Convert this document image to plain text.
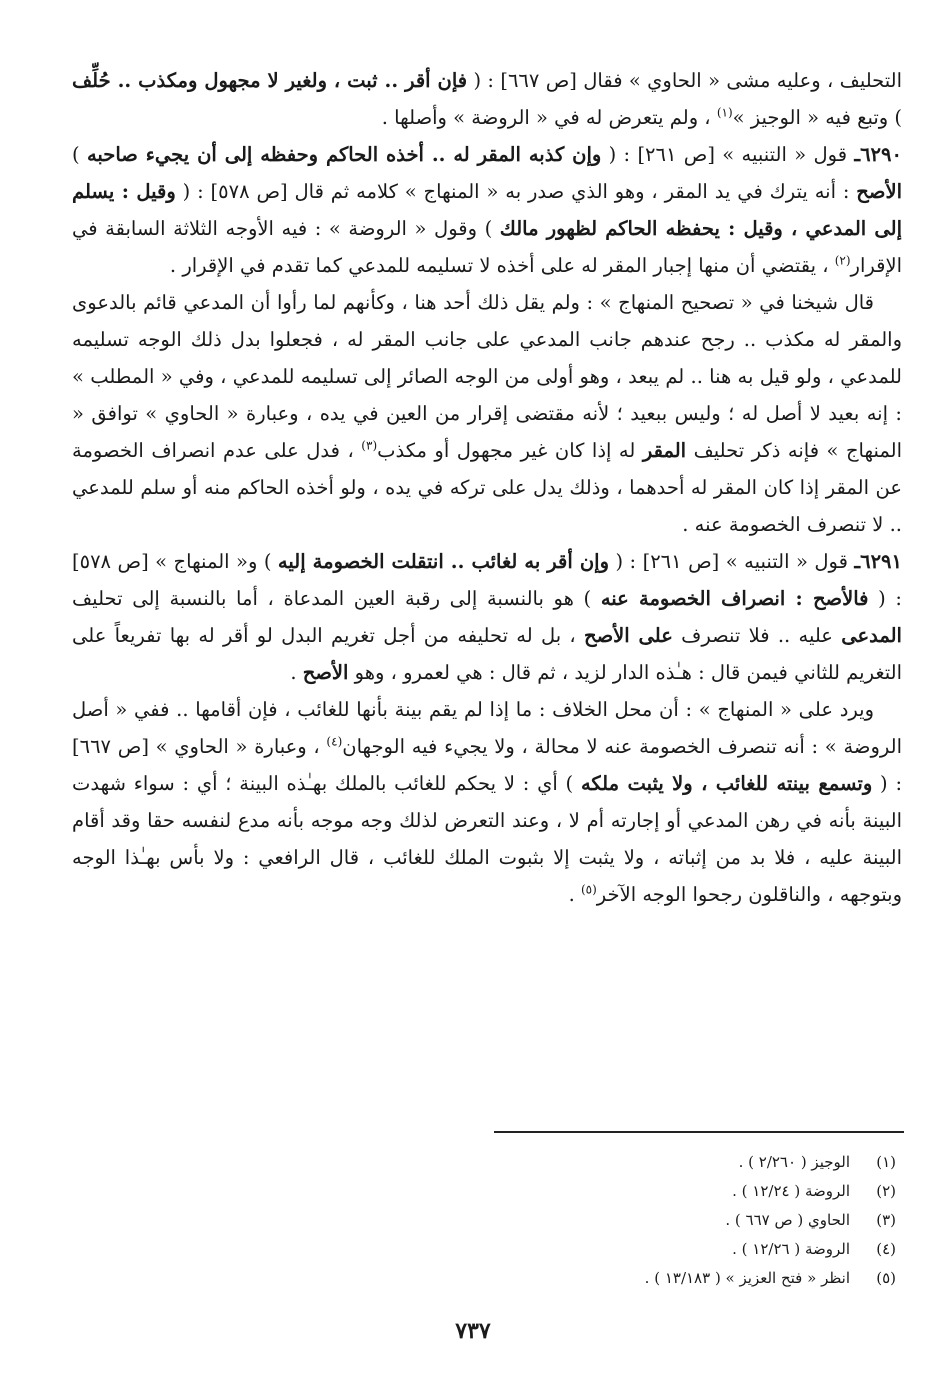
التحليف ، وعليه مشى « الحاوي » فقال [ص ٦٦٧] : ( فإن أقر .. ثبت ، ولغير لا مجهول ومكذب .. حُلِّف ) وتبع فيه « الوجيز »$^{(١)}$ ، ولم يتعرض له في « الروضة » وأصلها .

٦٢٩٠ـ قول « التنبيه » [ص ٢٦١] : ( وإن كذبه المقر له .. أخذه الحاكم وحفظه إلى أن يجيء صاحبه ) الأصح : أنه يترك في يد المقر ، وهو الذي صدر به « المنهاج » كلامه ثم قال [ص ٥٧٨] : ( وقيل : يسلم إلى المدعي ، وقيل : يحفظه الحاكم لظهور مالك ) وقول « الروضة » : فيه الأوجه الثلاثة السابقة في الإقرار$^{(٢)}$ ، يقتضي أن منها إجبار المقر له على أخذه لا تسليمه للمدعي كما تقدم في الإقرار .

قال شيخنا في « تصحيح المنهاج » : ولم يقل ذلك أحد هنا ، وكأنهم لما رأوا أن المدعي قائم بالدعوى والمقر له مكذب .. رجح عندهم جانب المدعي على جانب المقر له ، فجعلوا بدل ذلك الوجه تسليمه للمدعي ، ولو قيل به هنا .. لم يبعد ، وهو أولى من الوجه الصائر إلى تسليمه للمدعي ، وفي « المطلب » : إنه بعيد لا أصل له ؛ وليس ببعيد ؛ لأنه مقتضى إقرار من العين في يده ، وعبارة « الحاوي » توافق « المنهاج » فإنه ذكر تحليف المقر له إذا كان غير مجهول أو مكذب$^{(٣)}$ ، فدل على عدم انصراف الخصومة عن المقر إذا كان المقر له أحدهما ، وذلك يدل على تركه في يده ، ولو أخذه الحاكم منه أو سلم للمدعي .. لا تنصرف الخصومة عنه .

٦٢٩١ـ قول « التنبيه » [ص ٢٦١] : ( وإن أقر به لغائب .. انتقلت الخصومة إليه ) و« المنهاج » [ص ٥٧٨] : ( فالأصح : انصراف الخصومة عنه ) هو بالنسبة إلى رقبة العين المدعاة ، أما بالنسبة إلى تحليف المدعى عليه .. فلا تنصرف على الأصح ، بل له تحليفه من أجل تغريم البدل لو أقر له بها تفريعاً على التغريم للثاني فيمن قال : هـٰذه الدار لزيد ، ثم قال : هي لعمرو ، وهو الأصح .

ويرد على « المنهاج » : أن محل الخلاف : ما إذا لم يقم بينة بأنها للغائب ، فإن أقامها .. ففي « أصل الروضة » : أنه تنصرف الخصومة عنه لا محالة ، ولا يجيء فيه الوجهان$^{(٤)}$ ، وعبارة « الحاوي » [ص ٦٦٧] : ( وتسمع بينته للغائب ، ولا يثبت ملكه ) أي : لا يحكم للغائب بالملك بهـٰذه البينة ؛ أي : سواء شهدت البينة بأنه في رهن المدعي أو إجارته أم لا ، وعند التعرض لذلك وجه موجه بأنه مدع لنفسه حقا وقد أقام البينة عليه ، فلا بد من إثباته ، ولا يثبت إلا بثبوت الملك للغائب ، قال الرافعي : ولا بأس بهـٰذا الوجه وبتوجهه ، والناقلون رجحوا الوجه الآخر$^{(٥)}$ .

(١)
الوجيز ( ٢/٢٦٠ ) .
(٢)
الروضة ( ١٢/٢٤ ) .
(٣)
الحاوي ( ص ٦٦٧ ) .
(٤)
الروضة ( ١٢/٢٦ ) .
(٥)
انظر « فتح العزيز » ( ١٣/١٨٣ ) .
٧٣٧
